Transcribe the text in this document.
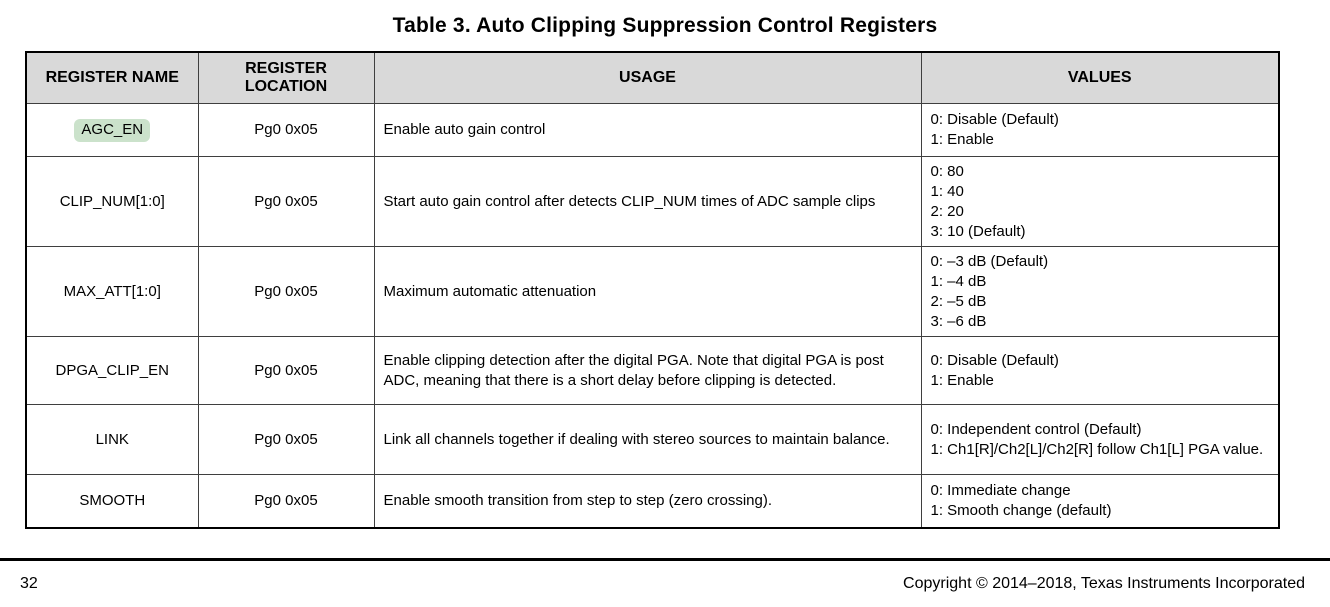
Table 3. Auto Clipping Suppression Control Registers
REGISTER NAME	REGISTER LOCATION	USAGE	VALUES
AGC_EN	Pg0 0x05	Enable auto gain control	0: Disable (Default)
1: Enable

CLIP_NUM[1:0]	Pg0 0x05	Start auto gain control after detects CLIP_NUM times of ADC sample clips	0: 80
1: 40
2: 20
3: 10 (Default)

MAX_ATT[1:0]	Pg0 0x05	Maximum automatic attenuation	0: –3 dB (Default)
1: –4 dB
2: –5 dB
3: –6 dB

DPGA_CLIP_EN	Pg0 0x05	Enable clipping detection after the digital PGA. Note that digital PGA is post ADC, meaning that there is a short delay before clipping is detected.	0: Disable (Default)
1: Enable

LINK	Pg0 0x05	Link all channels together if dealing with stereo sources to maintain balance.	0: Independent control (Default)
1: Ch1[R]/Ch2[L]/Ch2[R] follow Ch1[L] PGA value.

SMOOTH	Pg0 0x05	Enable smooth transition from step to step (zero crossing).	0: Immediate change
1: Smooth change (default)
32	Copyright © 2014–2018, Texas Instruments Incorporated
